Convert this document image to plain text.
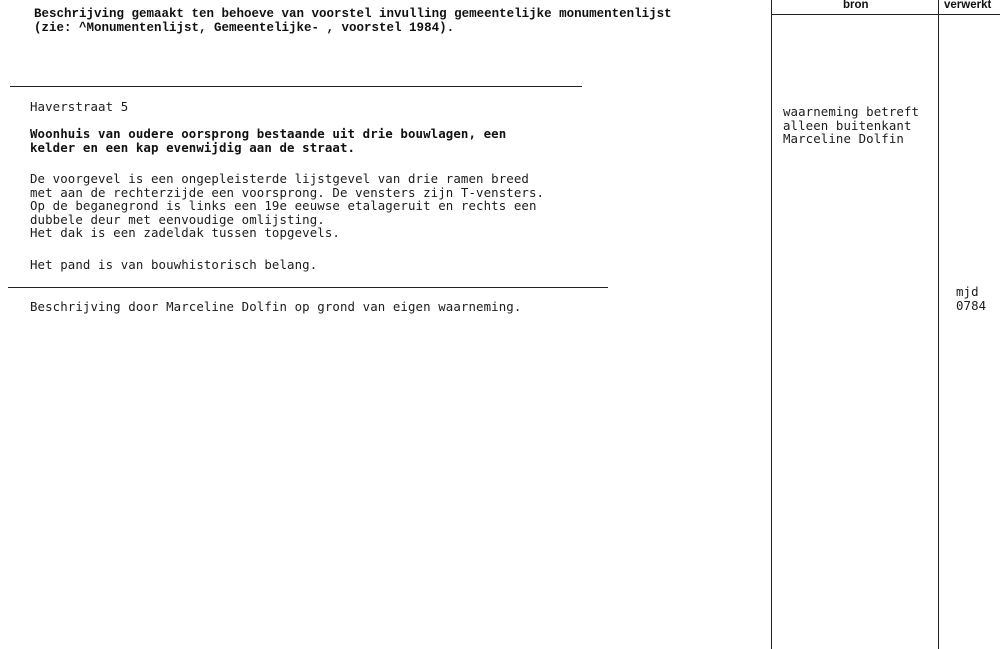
Beschrijving gemaakt ten behoeve van voorstel invulling gemeentelijke monumentenlijst
(zie: ^Monumentenlijst, Gemeentelijke- , voorstel 1984).
Haverstraat 5
Woonhuis van oudere oorsprong bestaande uit drie bouwlagen, een
kelder en een kap evenwijdig aan de straat.
De voorgevel is een ongepleisterde lijstgevel van drie ramen breed
met aan de rechterzijde een voorsprong. De vensters zijn T-vensters.
Op de beganegrond is links een 19e eeuwse etalageruit en rechts een
dubbele deur met eenvoudige omlijsting.
Het dak is een zadeldak tussen topgevels.
Het pand is van bouwhistorisch belang.
Beschrijving door Marceline Dolfin op grond van eigen waarneming.
bron	verwerkt
waarneming betreft
alleen buitenkant
Marceline Dolfin
mjd
0784
